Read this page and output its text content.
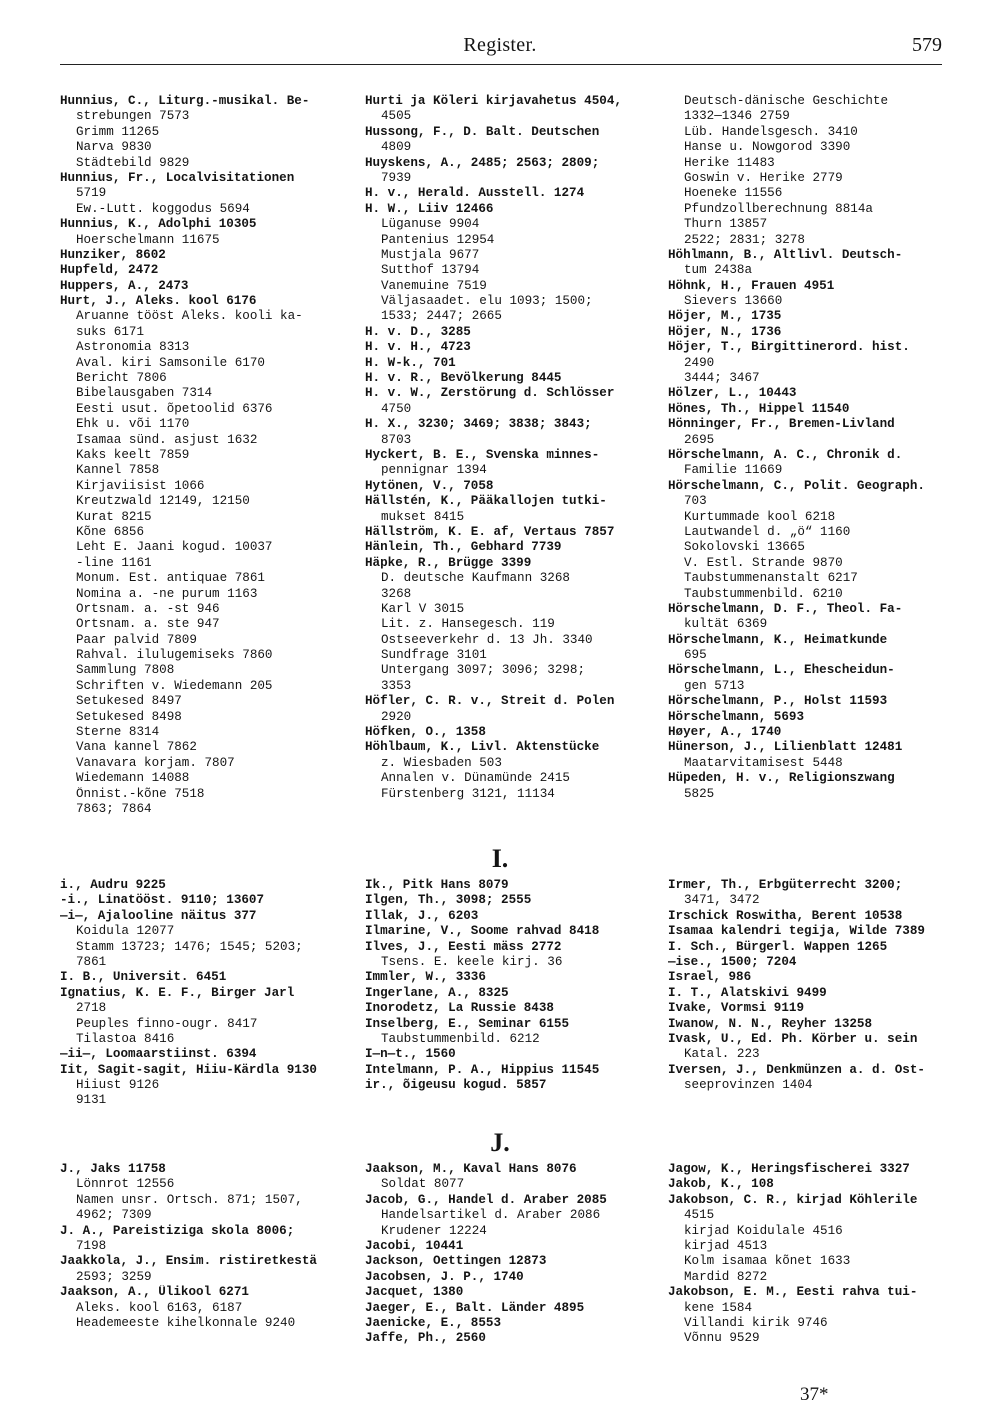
Register.	579
Hunnius, C., Liturg.-musikal. Be-
strebungen 7573
Grimm 11265
Narva 9830
Städtebild 9829
Hunnius, Fr., Localvisitationen
5719
Ew.-Lutt. koggodus 5694
Hunnius, K., Adolphi 10305
Hoerschelmann 11675
Hunziker, 8602
Hupfeld, 2472
Huppers, A., 2473
Hurt, J., Aleks. kool 6176
Aruanne tööst Aleks. kooli ka-
suks 6171
Astronomia 8313
Aval. kiri Samsonile 6170
Bericht 7806
Bibelausgaben 7314
Eesti usut. õpetoolid 6376
Ehk u. või 1170
Isamaa sünd. asjust 1632
Kaks keelt 7859
Kannel 7858
Kirjaviisist 1066
Kreutzwald 12149, 12150
Kurat 8215
Kõne 6856
Leht E. Jaani kogud. 10037
-line 1161
Monum. Est. antiquae 7861
Nomina a. -ne purum 1163
Ortsnam. a. -st 946
Ortsnam. a. ste 947
Paar palvid 7809
Rahval. ilulugemiseks 7860
Sammlung 7808
Schriften v. Wiedemann 205
Setukesed 8497
Setukesed 8498
Sterne 8314
Vana kannel 7862
Vanavara korjam. 7807
Wiedemann 14088
Önnist.-kõne 7518
7863; 7864
Hurti ja Köleri kirjavahetus 4504,
4505
Hussong, F., D. Balt. Deutschen
4809
Huyskens, A., 2485; 2563; 2809;
7939
H. v., Herald. Ausstell. 1274
H. W., Liiv 12466
Lüganuse 9904
Pantenius 12954
Mustjala 9677
Sutthof 13794
Vanemuine 7519
Väljasaadet. elu 1093; 1500;
1533; 2447; 2665
H. v. D., 3285
H. v. H., 4723
H. W-k., 701
H. v. R., Bevölkerung 8445
H. v. W., Zerstörung d. Schlösser
4750
H. X., 3230; 3469; 3838; 3843;
8703
Hyckert, B. E., Svenska minnes-
pennignar 1394
Hytönen, V., 7058
Hällstén, K., Pääkallojen tutki-
mukset 8415
Hällström, K. E. af, Vertaus 7857
Hänlein, Th., Gebhard 7739
Häpke, R., Brügge 3399
D. deutsche Kaufmann 3268
3268
Karl V 3015
Lit. z. Hansegesch. 119
Ostseeverkehr d. 13 Jh. 3340
Sundfrage 3101
Untergang 3097; 3096; 3298;
3353
Höfler, C. R. v., Streit d. Polen
2920
Höfken, O., 1358
Höhlbaum, K., Livl. Aktenstücke
z. Wiesbaden 503
Annalen v. Dünamünde 2415
Fürstenberg 3121, 11134
Deutsch-dänische Geschichte
1332—1346 2759
Lüb. Handelsgesch. 3410
Hanse u. Nowgorod 3390
Herike 11483
Goswin v. Herike 2779
Hoeneke 11556
Pfundzollberechnung 8814a
Thurn 13857
2522; 2831; 3278
Höhlmann, B., Altlivl. Deutsch-
tum 2438a
Höhnk, H., Frauen 4951
Sievers 13660
Höjer, M., 1735
Höjer, N., 1736
Höjer, T., Birgittinerord. hist.
2490
3444; 3467
Hölzer, L., 10443
Hönes, Th., Hippel 11540
Hönninger, Fr., Bremen-Livland
2695
Hörschelmann, A. C., Chronik d.
Familie 11669
Hörschelmann, C., Polit. Geograph.
703
Kurtummade kool 6218
Lautwandel d. „ö“ 1160
Sokolovski 13665
V. Estl. Strande 9870
Taubstummenanstalt 6217
Taubstummenbild. 6210
Hörschelmann, D. F., Theol. Fa-
kultät 6369
Hörschelmann, K., Heimatkunde
695
Hörschelmann, L., Ehescheidun-
gen 5713
Hörschelmann, P., Holst 11593
Hörschelmann, 5693
Høyer, A., 1740
Hünerson, J., Lilienblatt 12481
Maatarvitamisest 5448
Hüpeden, H. v., Religionszwang
5825
I.
i., Audru 9225
-i., Linatööst. 9110; 13607
—i—, Ajalooline näitus 377
Koidula 12077
Stamm 13723; 1476; 1545; 5203;
7861
I. B., Universit. 6451
Ignatius, K. E. F., Birger Jarl
2718
Peuples finno-ougr. 8417
Tilastoa 8416
—ii—, Loomaarstiinst. 6394
Iit, Sagit-sagit, Hiiu-Kärdla 9130
Hiiust 9126
9131
Ik., Pitk Hans 8079
Ilgen, Th., 3098; 2555
Illak, J., 6203
Ilmarine, V., Soome rahvad 8418
Ilves, J., Eesti mäss 2772
Tsens. E. keele kirj. 36
Immler, W., 3336
Ingerlane, A., 8325
Inorodetz, La Russie 8438
Inselberg, E., Seminar 6155
Taubstummenbild. 6212
I—n—t., 1560
Intelmann, P. A., Hippius 11545
ir., õigeusu kogud. 5857
Irmer, Th., Erbgüterrecht 3200;
3471, 3472
Irschick Roswitha, Berent 10538
Isamaa kalendri tegija, Wilde 7389
I. Sch., Bürgerl. Wappen 1265
—ise., 1500; 7204
Israel, 986
I. T., Alatskivi 9499
Ivake, Vormsi 9119
Iwanow, N. N., Reyher 13258
Ivask, U., Ed. Ph. Körber u. sein
Katal. 223
Iversen, J., Denkmünzen a. d. Ost-
seeprovinzen 1404
J.
J., Jaks 11758
Lönnrot 12556
Namen unsr. Ortsch. 871; 1507,
4962; 7309
J. A., Pareistiziga skola 8006;
7198
Jaakkola, J., Ensim. ristiretkestä
2593; 3259
Jaakson, A., Ülikool 6271
Aleks. kool 6163, 6187
Heademeeste kihelkonnale 9240
Jaakson, M., Kaval Hans 8076
Soldat 8077
Jacob, G., Handel d. Araber 2085
Handelsartikel d. Araber 2086
Krudener 12224
Jacobi, 10441
Jackson, Oettingen 12873
Jacobsen, J. P., 1740
Jacquet, 1380
Jaeger, E., Balt. Länder 4895
Jaenicke, E., 8553
Jaffe, Ph., 2560
Jagow, K., Heringsfischerei 3327
Jakob, K., 108
Jakobson, C. R., kirjad Köhlerile
4515
kirjad Koidulale 4516
kirjad 4513
Kolm isamaa kõnet 1633
Mardid 8272
Jakobson, E. M., Eesti rahva tui-
kene 1584
Villandi kirik 9746
Võnnu 9529
37*
